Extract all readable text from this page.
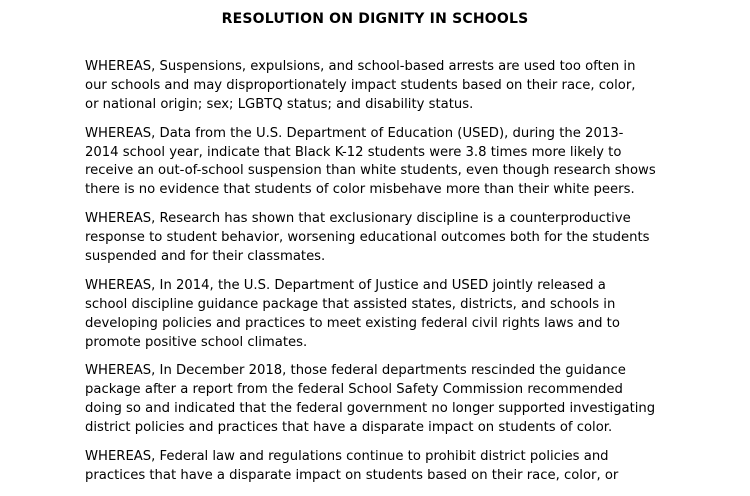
RESOLUTION ON DIGNITY IN SCHOOLS
WHEREAS, Suspensions, expulsions, and school-based arrests are used too often in
our schools and may disproportionately impact students based on their race, color,
or national origin; sex; LGBTQ status; and disability status.
WHEREAS, Data from the U.S. Department of Education (USED), during the 2013-
2014 school year, indicate that Black K-12 students were 3.8 times more likely to
receive an out-of-school suspension than white students, even though research shows
there is no evidence that students of color misbehave more than their white peers.
WHEREAS, Research has shown that exclusionary discipline is a counterproductive
response to student behavior, worsening educational outcomes both for the students
suspended and for their classmates.
WHEREAS, In 2014, the U.S. Department of Justice and USED jointly released a
school discipline guidance package that assisted states, districts, and schools in
developing policies and practices to meet existing federal civil rights laws and to
promote positive school climates.
WHEREAS, In December 2018, those federal departments rescinded the guidance
package after a report from the federal School Safety Commission recommended
doing so and indicated that the federal government no longer supported investigating
district policies and practices that have a disparate impact on students of color.
WHEREAS, Federal law and regulations continue to prohibit district policies and
practices that have a disparate impact on students based on their race, color, or
